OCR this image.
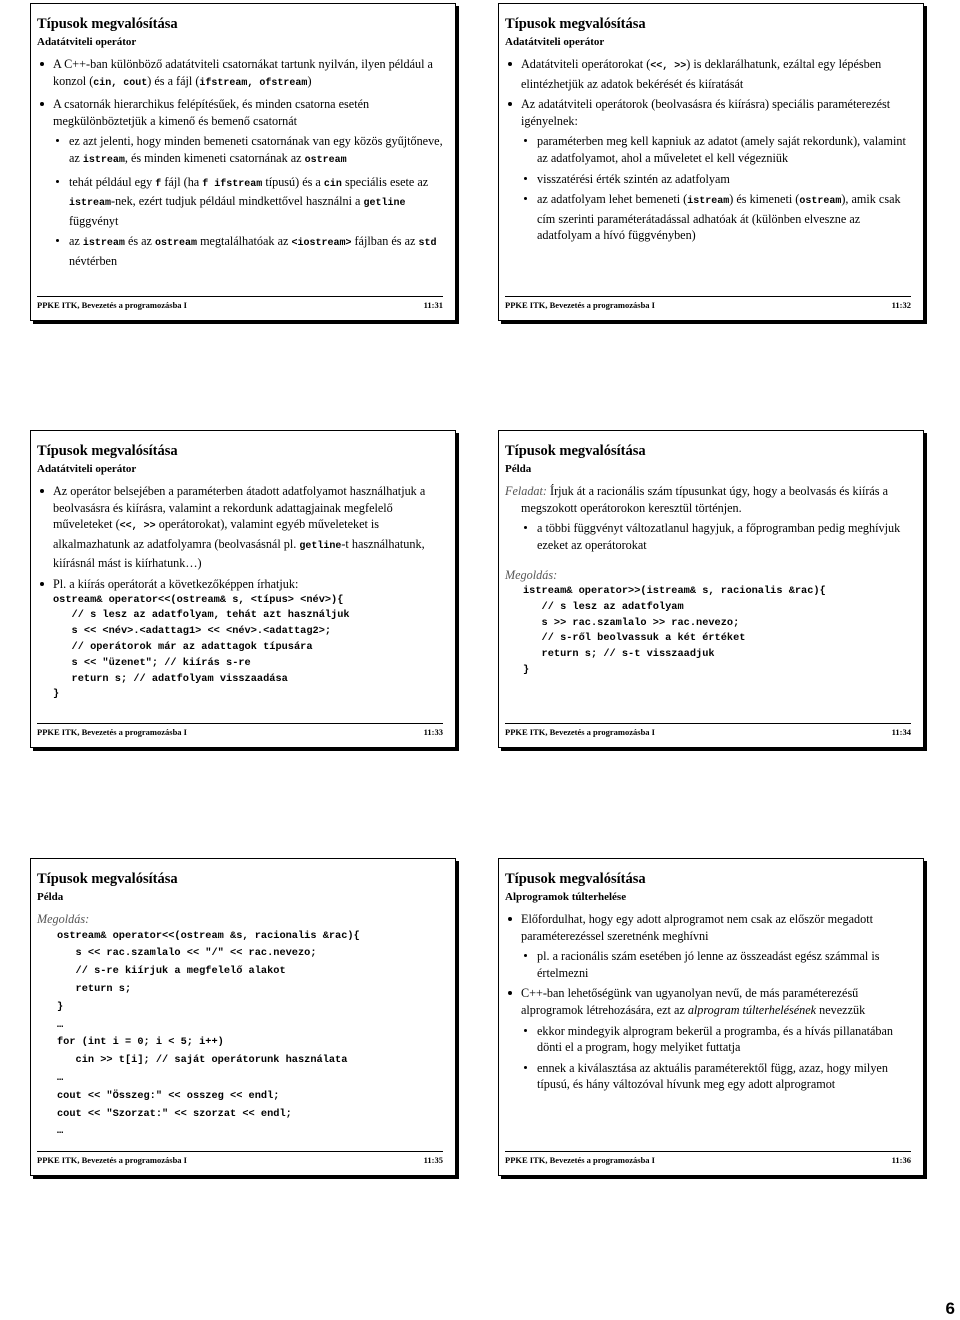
Típusok megvalósítása
Adatátviteli operátor
A C++-ban különböző adatátviteli csatornákat tartunk nyilván, ilyen például a konzol (cin, cout) és a fájl (ifstream, ofstream)
A csatornák hierarchikus felépítésűek, és minden csatorna esetén megkülönböztetjük a kimenő és bemenő csatornát
ez azt jelenti, hogy minden bemeneti csatornának van egy közös gyűjtőneve, az istream, és minden kimeneti csatornának az ostream
tehát például egy f fájl (ha f ifstream típusú) és a cin speciális esete az istream-nek, ezért tudjuk például mindkettővel használni a getline függvényt
az istream és az ostream megtalálhatóak az <iostream> fájlban és az std névtérben
PPKE ITK, Bevezetés a programozásba I	11:31
Típusok megvalósítása
Adatátviteli operátor
Adatátviteli operátorokat (<<, >>) is deklarálhatunk, ezáltal egy lépésben elintézhetjük az adatok bekérését és kiíratását
Az adatátviteli operátorok (beolvasásra és kiírásra) speciális paraméterezést igényelnek:
paraméterben meg kell kapniuk az adatot (amely saját rekordunk), valamint az adatfolyamot, ahol a műveletet el kell végezniük
visszatérési érték szintén az adatfolyam
az adatfolyam lehet bemeneti (istream) és kimeneti (ostream), amik csak cím szerinti paraméterátadással adhatóak át (különben elveszne az adatfolyam a hívó függvényben)
PPKE ITK, Bevezetés a programozásba I	11:32
Típusok megvalósítása
Adatátviteli operátor
Az operátor belsejében a paraméterben átadott adatfolyamot használhatjuk a beolvasásra és kiírásra, valamint a rekordunk adattagjainak megfelelő műveleteket (<<, >> operátorokat), valamint egyéb műveleteket is alkalmazhatunk az adatfolyamra (beolvasásnál pl. getline-t használhatunk, kiírásnál mást is kiírhatunk…)
Pl. a kiírás operátorát a következőképpen írhatjuk:
ostream& operator<<(ostream& s, <típus> <név>){
// s lesz az adatfolyam, tehát azt használjuk
s << <név>.<adattag1> << <név>.<adattag2>;
// operátorok már az adattagok típusára
s << "üzenet"; // kiírás s-re
return s; // adatfolyam visszaadása
}
PPKE ITK, Bevezetés a programozásba I	11:33
Típusok megvalósítása
Példa
Feladat: Írjuk át a racionális szám típusunkat úgy, hogy a beolvasás és kiírás a megszokott operátorokon keresztül történjen.
a többi függvényt változatlanul hagyjuk, a főprogramban pedig meghívjuk ezeket az operátorokat
Megoldás:
istream& operator>>(istream& s, racionalis &rac){
// s lesz az adatfolyam
s >> rac.szamlalo >> rac.nevezo;
// s-ről beolvassuk a két értéket
return s; // s-t visszaadjuk
}
PPKE ITK, Bevezetés a programozásba I	11:34
Típusok megvalósítása
Példa
Megoldás:
ostream& operator<<(ostream &s, racionalis &rac){
s << rac.szamlalo << "/" << rac.nevezo;
// s-re kiírjuk a megfelelő alakot
return s;
}
…
for (int i = 0; i < 5; i++)
cin >> t[i]; // saját operátorunk használata
…
cout << "Összeg:" << osszeg << endl;
cout << "Szorzat:" << szorzat << endl;
…
PPKE ITK, Bevezetés a programozásba I	11:35
Típusok megvalósítása
Alprogramok túlterhelése
Előfordulhat, hogy egy adott alprogramot nem csak az először megadott paraméterezéssel szeretnénk meghívni
pl. a racionális szám esetében jó lenne az összeadást egész számmal is értelmezni
C++-ban lehetőségünk van ugyanolyan nevű, de más paraméterezésű alprogramok létrehozására, ezt az alprogram túlterhelésének nevezzük
ekkor mindegyik alprogram bekerül a programba, és a hívás pillanatában dönti el a program, hogy melyiket futtatja
ennek a kiválasztása az aktuális paraméterektől függ, azaz, hogy milyen típusú, és hány változóval hívunk meg egy adott alprogramot
PPKE ITK, Bevezetés a programozásba I	11:36
6
